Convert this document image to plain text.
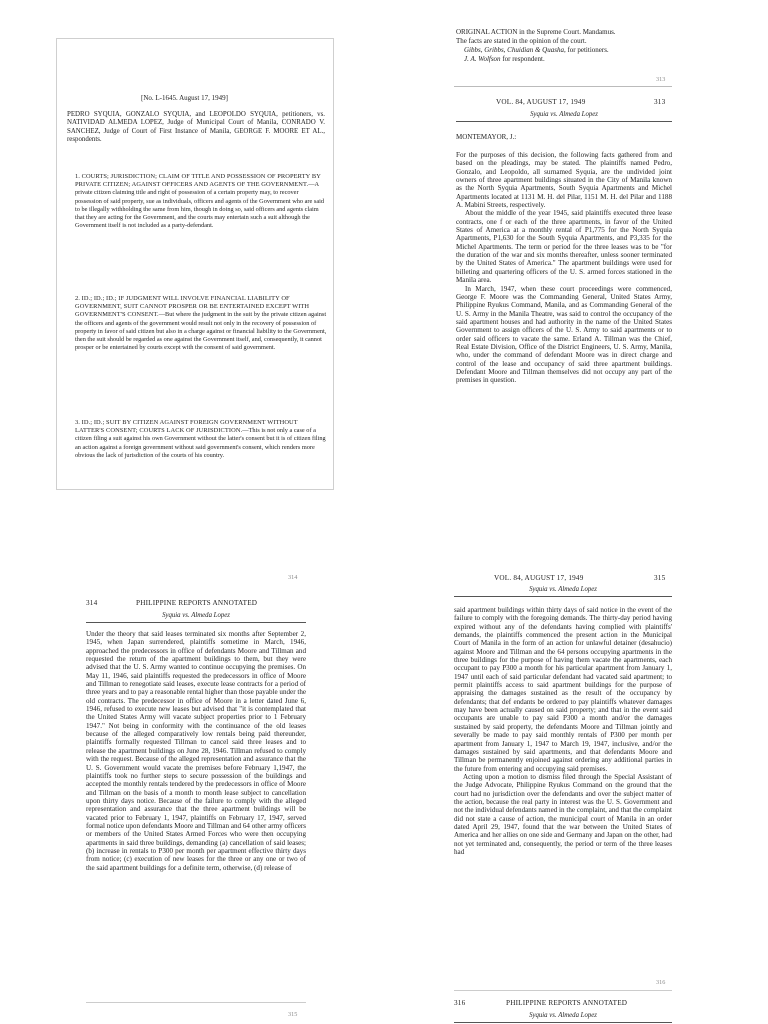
[No. L-1645. August 17, 1949]
PEDRO SYQUIA, GONZALO SYQUIA, and LEOPOLDO SYQUIA, petitioners, vs. NATIVIDAD ALMEDA LOPEZ, Judge of Municipal Court of Manila, CONRADO V. SANCHEZ, Judge of Court of First Instance of Manila, GEORGE F. MOORE ET AL., respondents.
1. COURTS; JURISDICTION; CLAIM OF TITLE AND POSSESSION OF PROPERTY BY PRIVATE CITIZEN; AGAINST OFFICERS AND AGENTS OF THE GOVERNMENT.—A private citizen claiming title and right of possession of a certain property may, to recover possession of said property, sue as individuals, officers and agents of the Government who are said to be illegally withholding the same from him, though in doing so, said officers and agents claim that they are acting for the Government, and the courts may entertain such a suit although the Government itself is not included as a party-defendant.
2. ID.; ID.; ID.; IF JUDGMENT WILL INVOLVE FINANCIAL LIABILITY OF GOVERNMENT, SUIT CANNOT PROSPER OR BE ENTERTAINED EXCEPT WITH GOVERNMENT'S CONSENT.—But where the judgment in the suit by the private citizen against the officers and agents of the government would result not only in the recovery of possession of property in favor of said citizen but also in a charge against or financial liability to the Government, then the suit should be regarded as one against the Government itself, and, consequently, it cannot prosper or be entertained by courts except with the consent of said government.
3. ID.; ID.; SUIT BY CITIZEN AGAINST FOREIGN GOVERNMENT WITHOUT LATTER'S CONSENT; COURTS LACK OF JURISDICTION.—This is not only a case of a citizen filing a suit against his own Government without the latter's consent but it is of citizen filing an action against a foreign government without said government's consent, which renders more obvious the lack of jurisdiction of the courts of his country.
ORIGINAL ACTION in the Supreme Court. Mandamus.
The facts are stated in the opinion of the court.
Gibbs, Gribbs, Chuidian & Quasha, for petitioners.
J. A. Wolfson for respondent.
313
VOL. 84, AUGUST 17, 1949	313
Syquia vs. Almeda Lopez
MONTEMAYOR, J.:

For the purposes of this decision, the following facts gathered from and based on the pleadings, may be stated. The plaintiffs named Pedro, Gonzalo, and Leopoldo, all surnamed Syquia, are the undivided joint owners of three apartment buildings situated in the City of Manila known as the North Syquia Apartments, South Syquia Apartments and Michel Apartments located at 1131 M. H. del Pilar, 1151 M. H. del Pilar and 1188 A. Mabini Streets, respectively.

About the middle of the year 1945, said plaintiffs executed three lease contracts, one f or each of the three apartments, in favor of the United States of America at a monthly rental of P1,775 for the North Syquia Apartments, P1,630 for the South Syquia Apartments, and P3,335 for the Michel Apartments. The term or period for the three leases was to be "for the duration of the war and six months thereafter, unless sooner terminated by the United States of America." The apartment buildings were used for billeting and quartering officers of the U. S. armed forces stationed in the Manila area.

In March, 1947, when these court proceedings were commenced, George F. Moore was the Commanding General, United States Army, Philippine Ryukus Command, Manila, and as Commanding General of the U. S. Army in the Manila Theatre, was said to control the occupancy of the said apartment houses and had authority in the name of the United States Government to assign officers of the U. S. Army to said apartments or to order said officers to vacate the same. Erland A. Tillman was the Chief, Real Estate Division, Office of the District Engineers, U. S. Army, Manila, who, under the command of defendant Moore was in direct charge and control of the lease and occupancy of said three apartment buildings. Defendant Moore and Tillman themselves did not occupy any part of the premises in question.

314
314	PHILIPPINE REPORTS ANNOTATED
Syquia vs. Almeda Lopez

Under the theory that said leases terminated six months after September 2, 1945, when Japan surrendered, plaintiffs sometime in March, 1946, approached the predecessors in office of defendants Moore and Tillman and requested the return of the apartment buildings to them, but they were advised that the U. S. Army wanted to continue occupying the premises. On May 11, 1946, said plaintiffs requested the predecessors in office of Moore and Tillman to renegotiate said leases, execute lease contracts for a period of three years and to pay a reasonable rental higher than those payable under the old contracts. The predecessor in office of Moore in a letter dated June 6, 1946, refused to execute new leases but advised that "it is contemplated that the United States Army will vacate subject properties prior to 1 February 1947." Not being in conformity with the continuance of the old leases because of the alleged comparatively low rentals being paid thereunder, plaintiffs formally requested Tillman to cancel said three leases and to release the apartment buildings on June 28, 1946. Tillman refused to comply with the request. Because of the alleged representation and assurance that the U. S. Government would vacate the premises before February 1,1947, the plaintiffs took no further steps to secure possession of the buildings and accepted the monthly rentals tendered by the predecessors in office of Moore and Tillman on the basis of a month to month lease subject to cancellation upon thirty days notice. Because of the failure to comply with the alleged representation and assurance that the three apartment buildings will be vacated prior to February 1, 1947, plaintiffs on February 17, 1947, served formal notice upon defendants Moore and Tillman and 64 other army officers or members of the United States Armed Forces who were then occupying apartments in said three buildings, demanding (a) cancellation of said leases; (b) increase in rentals to P300 per month per apartment effective thirty days from notice; (c) execution of new leases for the three or any one or two of the said apartment buildings for a definite term, otherwise, (d) release of

315
VOL. 84, AUGUST 17, 1949	315
Syquia vs. Almeda Lopez

said apartment buildings within thirty days of said notice in the event of the failure to comply with the foregoing demands. The thirty-day period having expired without any of the defendants having complied with plaintiffs' demands, the plaintiffs commenced the present action in the Municipal Court of Manila in the form of an action for unlawful detainer (desahucio) against Moore and Tillman and the 64 persons occupying apartments in the three buildings for the purpose of having them vacate the apartments, each occupant to pay P300 a month for his particular apartment from January 1, 1947 until each of said particular defendant had vacated said apartment; to permit plaintiffs access to said apartment buildings for the purpose of appraising the damages sustained as the result of the occupancy by defendants; that def endants be ordered to pay plaintiffs whatever damages may have been actually caused on said property; and that in the event said occupants are unable to pay said P300 a month and/or the damages sustained by said property, the defendants Moore and Tillman jointly and severally be made to pay said monthly rentals of P300 per month per apartment from January 1, 1947 to March 19, 1947, inclusive, and/or the damages sustained by said apartments, and that defendants Moore and Tillman be permanently enjoined against ordering any additional parties in the future from entering and occupying said premises.

Acting upon a motion to dismiss filed through the Special Assistant of the Judge Advocate, Philippine Ryukus Command on the ground that the court had no jurisdiction over the defendants and over the subject matter of the action, because the real party in interest was the U. S. Government and not the individual defendants named in the complaint, and that the complaint did not state a cause of action, the municipal court of Manila in an order dated April 29, 1947, found that the war between the United States of America and her allies on one side and Germany and Japan on the other, had not yet terminated and, consequently, the period or term of the three leases had

316
316	PHILIPPINE REPORTS ANNOTATED
Syquia vs. Almeda Lopez
